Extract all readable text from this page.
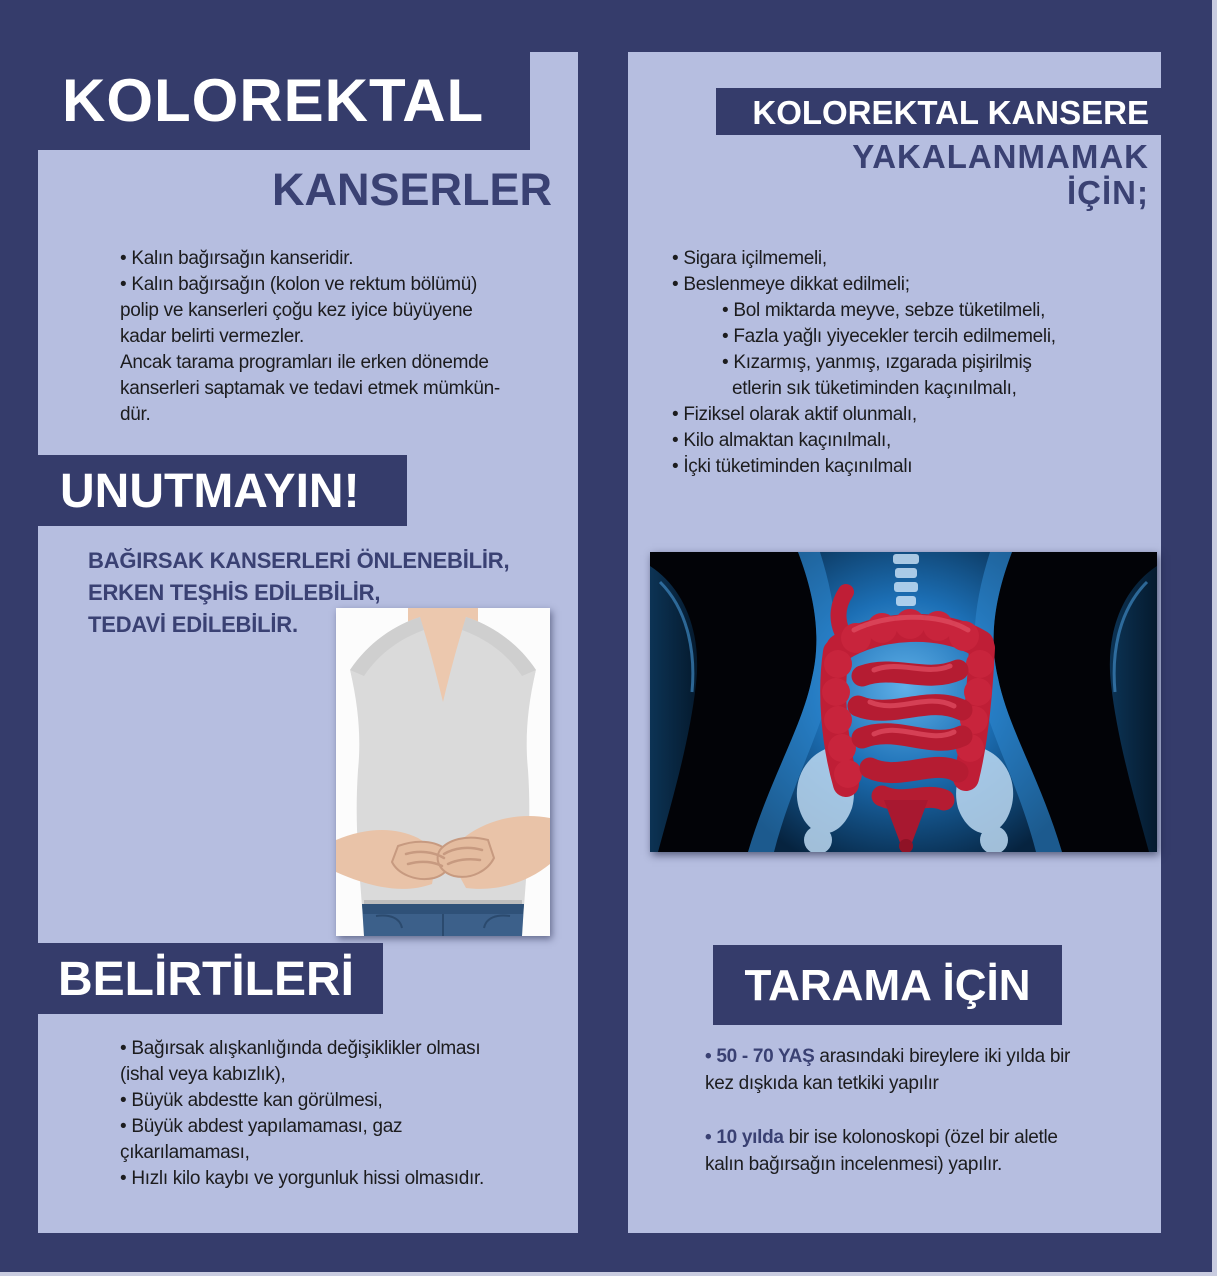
KOLOREKTAL
KANSERLER
• Kalın bağırsağın kanseridir.
• Kalın bağırsağın (kolon ve rektum bölümü)
polip ve kanserleri çoğu kez iyice büyüyene
kadar belirti vermezler.
Ancak tarama programları ile erken dönemde
kanserleri saptamak ve tedavi etmek mümkün-
dür.
UNUTMAYIN!
BAĞIRSAK KANSERLERİ ÖNLENEBİLİR,
ERKEN TEŞHİS EDİLEBİLİR,
TEDAVİ EDİLEBİLİR.
BELİRTİLERİ
• Bağırsak alışkanlığında değişiklikler olması
(ishal veya kabızlık),
• Büyük abdestte kan görülmesi,
• Büyük abdest yapılamaması, gaz
çıkarılamaması,
• Hızlı kilo kaybı ve yorgunluk hissi olmasıdır.
KOLOREKTAL KANSERE
YAKALANMAMAK
İÇİN;
• Sigara içilmemeli,
• Beslenmeye dikkat edilmeli;
• Bol miktarda meyve, sebze tüketilmeli,
• Fazla yağlı yiyecekler tercih edilmemeli,
• Kızarmış, yanmış, ızgarada pişirilmiş
etlerin sık tüketiminden kaçınılmalı,
• Fiziksel olarak aktif olunmalı,
• Kilo almaktan kaçınılmalı,
• İçki tüketiminden kaçınılmalı
TARAMA İÇİN
• 50 - 70 YAŞ arasındaki bireylere iki yılda bir
kez dışkıda kan tetkiki yapılır
• 10 yılda bir ise kolonoskopi (özel bir aletle
kalın bağırsağın incelenmesi) yapılır.
